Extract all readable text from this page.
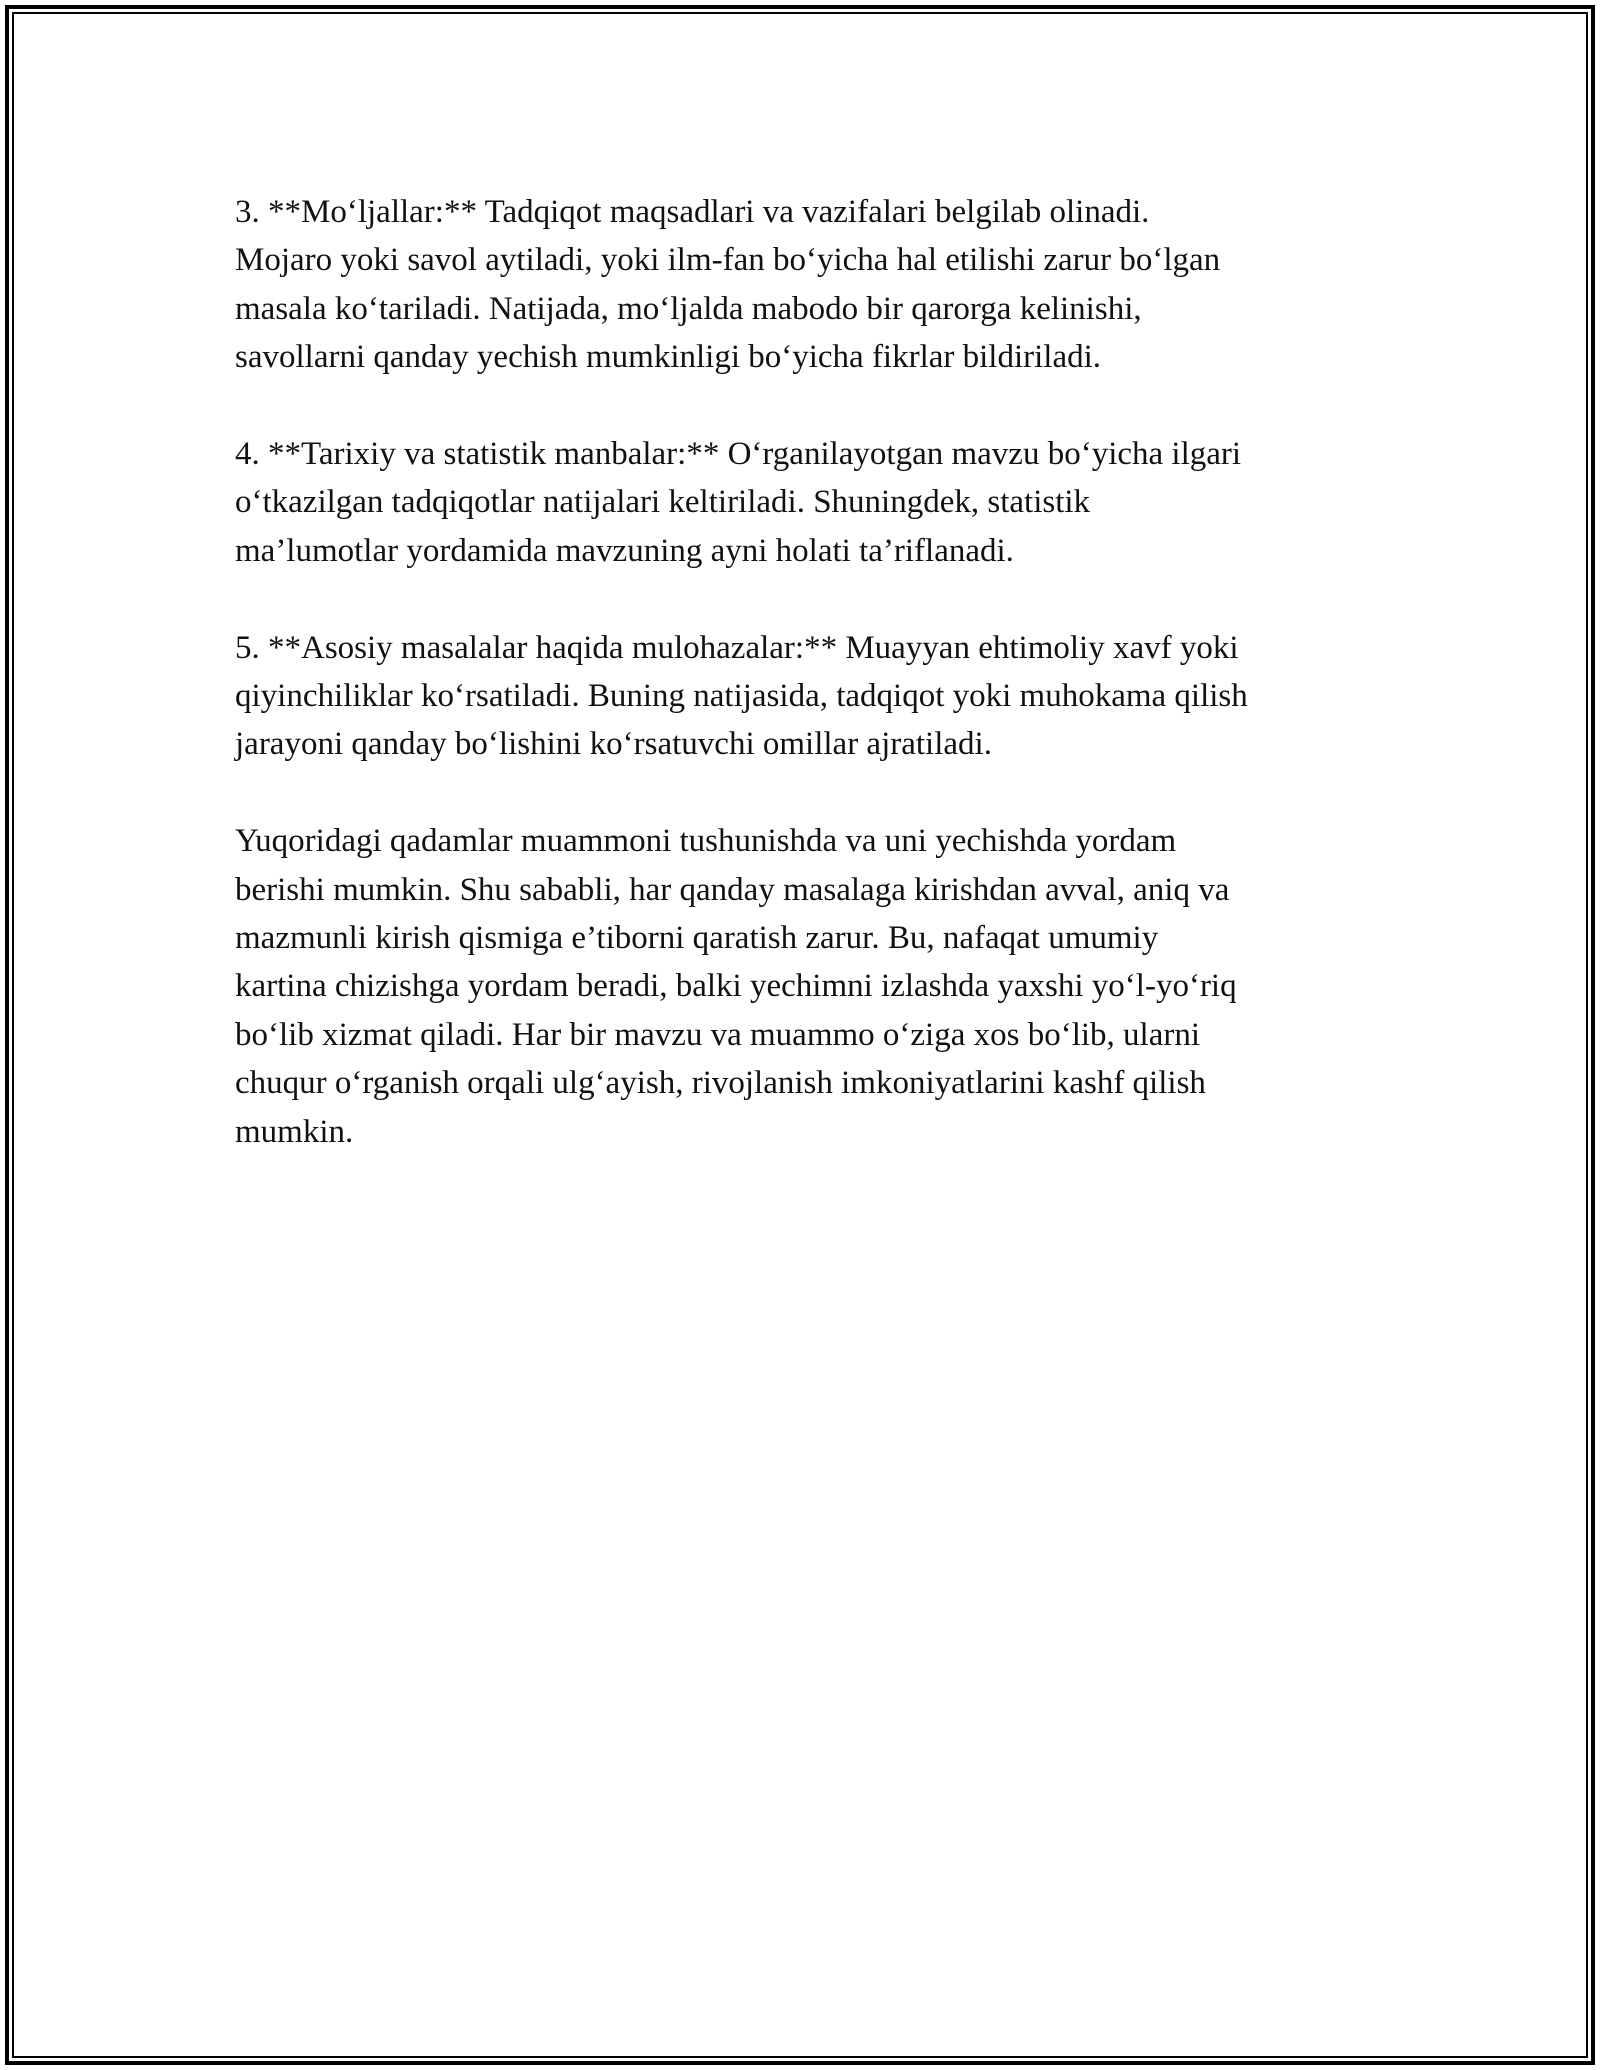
3. **Mo‘ljallar:** Tadqiqot maqsadlari va vazifalari belgilab olinadi.
Mojaro yoki savol aytiladi, yoki ilm-fan bo‘yicha hal etilishi zarur bo‘lgan
masala ko‘tariladi. Natijada, mo‘ljalda mabodo bir qarorga kelinishi,
savollarni qanday yechish mumkinligi bo‘yicha fikrlar bildiriladi.

4. **Tarixiy va statistik manbalar:** O‘rganilayotgan mavzu bo‘yicha ilgari
o‘tkazilgan tadqiqotlar natijalari keltiriladi. Shuningdek, statistik
ma’lumotlar yordamida mavzuning ayni holati ta’riflanadi.

5. **Asosiy masalalar haqida mulohazalar:** Muayyan ehtimoliy xavf yoki
qiyinchiliklar ko‘rsatiladi. Buning natijasida, tadqiqot yoki muhokama qilish
jarayoni qanday bo‘lishini ko‘rsatuvchi omillar ajratiladi.

Yuqoridagi qadamlar muammoni tushunishda va uni yechishda yordam
berishi mumkin. Shu sababli, har qanday masalaga kirishdan avval, aniq va
mazmunli kirish qismiga e’tiborni qaratish zarur. Bu, nafaqat umumiy
kartina chizishga yordam beradi, balki yechimni izlashda yaxshi yo‘l-yo‘riq
bo‘lib xizmat qiladi. Har bir mavzu va muammo o‘ziga xos bo‘lib, ularni
chuqur o‘rganish orqali ulg‘ayish, rivojlanish imkoniyatlarini kashf qilish
mumkin.
